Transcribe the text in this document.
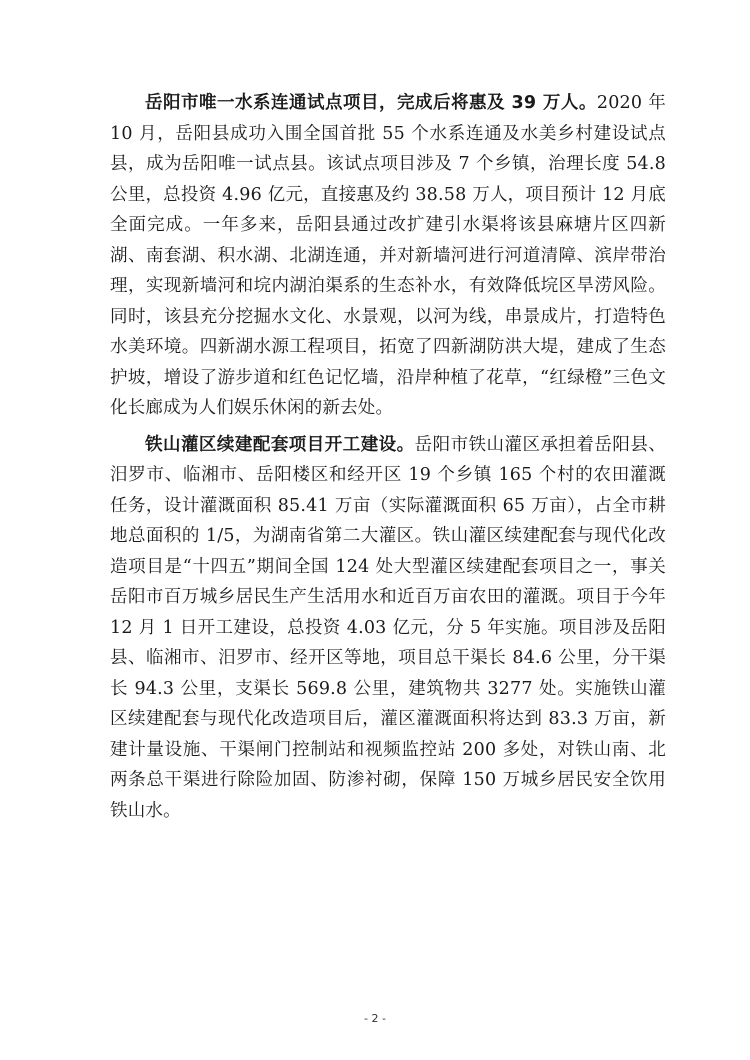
岳阳市唯一水系连通试点项目，完成后将惠及 39 万人。2020 年 10 月，岳阳县成功入围全国首批 55 个水系连通及水美乡村建设试点县，成为岳阳唯一试点县。该试点项目涉及 7 个乡镇，治理长度 54.8 公里，总投资 4.96 亿元，直接惠及约 38.58 万人，项目预计 12 月底全面完成。一年多来，岳阳县通过改扩建引水渠将该县麻塘片区四新湖、南套湖、积水湖、北湖连通，并对新墙河进行河道清障、滨岸带治理，实现新墙河和垸内湖泊渠系的生态补水，有效降低垸区旱涝风险。同时，该县充分挖掘水文化、水景观，以河为线，串景成片，打造特色水美环境。四新湖水源工程项目，拓宽了四新湖防洪大堤，建成了生态护坡，增设了游步道和红色记忆墙，沿岸种植了花草，“红绿橙”三色文化长廊成为人们娱乐休闲的新去处。

铁山灌区续建配套项目开工建设。岳阳市铁山灌区承担着岳阳县、汨罗市、临湘市、岳阳楼区和经开区 19 个乡镇 165 个村的农田灌溉任务，设计灌溉面积 85.41 万亩（实际灌溉面积 65 万亩），占全市耕地总面积的 1/5，为湖南省第二大灌区。铁山灌区续建配套与现代化改造项目是“十四五”期间全国 124 处大型灌区续建配套项目之一，事关岳阳市百万城乡居民生产生活用水和近百万亩农田的灌溉。项目于今年 12 月 1 日开工建设，总投资 4.03 亿元，分 5 年实施。项目涉及岳阳县、临湘市、汨罗市、经开区等地，项目总干渠长 84.6 公里，分干渠长 94.3 公里，支渠长 569.8 公里，建筑物共 3277 处。实施铁山灌区续建配套与现代化改造项目后，灌区灌溉面积将达到 83.3 万亩，新建计量设施、干渠闸门控制站和视频监控站 200 多处，对铁山南、北两条总干渠进行除险加固、防渗衬砌，保障 150 万城乡居民安全饮用铁山水。

- 2 -
